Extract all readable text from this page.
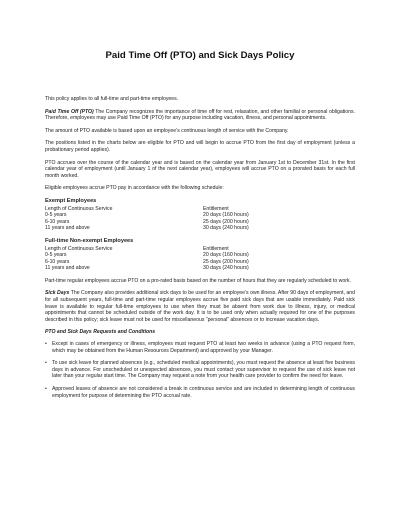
Paid Time Off (PTO) and Sick Days Policy

This policy applies to all full-time and part-time employees.

Paid Time Off (PTO) The Company recognizes the importance of time off for rest, relaxation, and other familial or personal obligations. Therefore, employees may use Paid Time Off (PTO) for any purpose including vacation, illness, and personal appointments.

The amount of PTO available is based upon an employee’s continuous length of service with the Company.

The positions listed in the charts below are eligible for PTO and will begin to accrue PTO from the first day of employment (unless a probationary period applies).

PTO accrues over the course of the calendar year and is based on the calendar year from January 1st to December 31st. In the first calendar year of employment (until January 1 of the next calendar year), employees will accrue PTO on a prorated basis for each full month worked.

Eligible employees accrue PTO pay in accordance with the following schedule:

Exempt Employees
Length of Continuous Service	Entitlement
0-5 years	20 days (160 hours)
6-10 years	25 days (200 hours)
11 years and above	30 days (240 hours)
Full-time Non-exempt Employees
Length of Continuous Service	Entitlement
0-5 years	20 days (160 hours)
6-10 years	25 days (200 hours)
11 years and above	30 days (240 hours)

Part-time regular employees accrue PTO on a pro-rated basis based on the number of hours that they are regularly scheduled to work.

Sick Days The Company also provides additional sick days to be used for an employee’s own illness. After 90 days of employment, and for all subsequent years, full-time and part-time regular employees accrue five paid sick days that are usable immediately. Paid sick leave is available to regular full-time employees to use when they must be absent from work due to illness, injury, or medical appointments that cannot be scheduled outside of the work day. It is to be used only when actually required for one of the purposes described in this policy; sick leave must not be used for miscellaneous “personal” absences or to increase vacation days.

PTO and Sick Days Requests and Conditions
• Except in cases of emergency or illness, employees must request PTO at least two weeks in advance (using a PTO request form, which may be obtained from the Human Resources Department) and approved by your Manager.
• To use sick leave for planned absences (e.g., scheduled medical appointments), you must request the absence at least five business days in advance. For unscheduled or unexpected absences, you must contact your supervisor to request the use of sick leave not later than your regular start time. The Company may request a note from your health care provider to confirm the need for leave.
• Approved leaves of absence are not considered a break in continuous service and are included in determining length of continuous employment for purpose of determining the PTO accrual rate.
